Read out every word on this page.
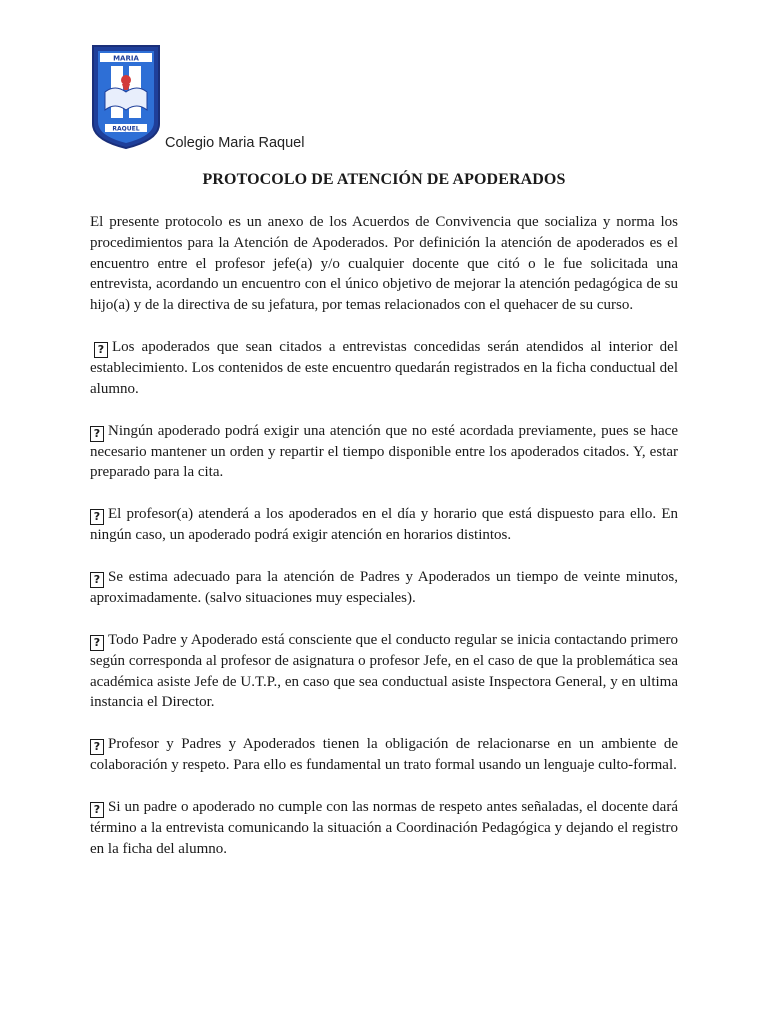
MARIA
RAQUEL
Colegio Maria Raquel
PROTOCOLO DE ATENCIÓN DE APODERADOS

El presente protocolo es un anexo de los Acuerdos de Convivencia que socializa y norma los procedimientos para la Atención de Apoderados. Por definición la atención de apoderados es el encuentro entre el profesor jefe(a) y/o cualquier docente que citó o le fue solicitada una entrevista, acordando un encuentro con el único objetivo de mejorar la atención pedagógica de su hijo(a) y de la directiva de su jefatura, por temas relacionados con el quehacer de su curso.

? Los apoderados que sean citados a entrevistas concedidas serán atendidos al interior del establecimiento. Los contenidos de este encuentro quedarán registrados en la ficha conductual del alumno.

? Ningún apoderado podrá exigir una atención que no esté acordada previamente, pues se hace necesario mantener un orden y repartir el tiempo disponible entre los apoderados citados. Y, estar preparado para la cita.

? El profesor(a) atenderá a los apoderados en el día y horario que está dispuesto para ello. En ningún caso, un apoderado podrá exigir atención en horarios distintos.

? Se estima adecuado para la atención de Padres y Apoderados un tiempo de veinte minutos, aproximadamente. (salvo situaciones muy especiales).

? Todo Padre y Apoderado está consciente que el conducto regular se inicia contactando primero según corresponda al profesor de asignatura o profesor Jefe, en el caso de que la problemática sea académica asiste Jefe de U.T.P., en caso que sea conductual asiste Inspectora General, y en ultima instancia el Director.

? Profesor y Padres y Apoderados tienen la obligación de relacionarse en un ambiente de colaboración y respeto. Para ello es fundamental un trato formal usando un lenguaje culto-formal.

? Si un padre o apoderado no cumple con las normas de respeto antes señaladas, el docente dará término a la entrevista comunicando la situación a Coordinación Pedagógica y dejando el registro en la ficha del alumno.
